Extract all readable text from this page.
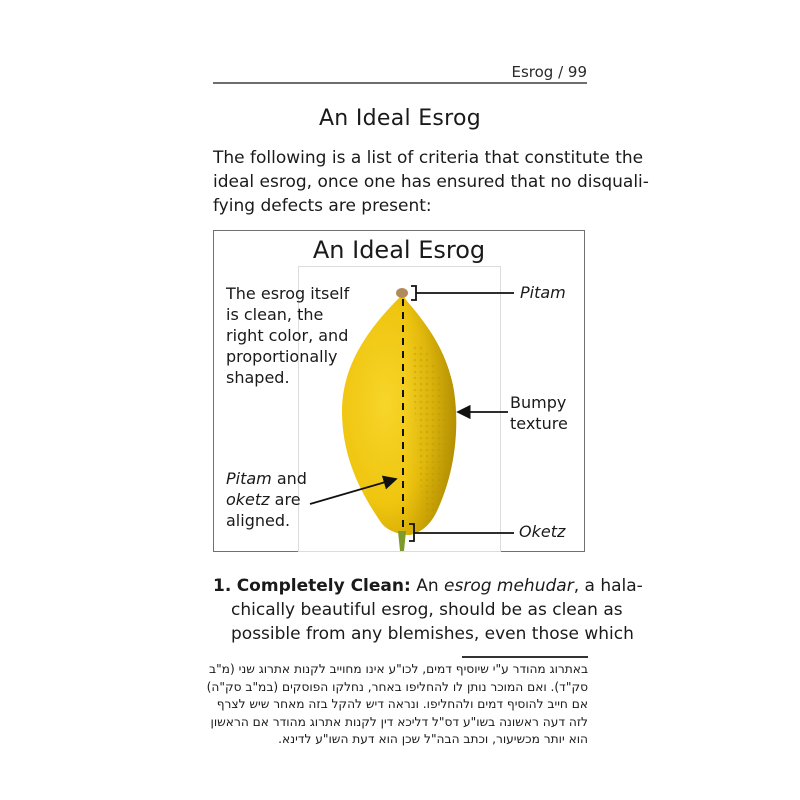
Esrog / 99
An Ideal Esrog
The following is a list of criteria that constitute the
ideal esrog, once one has ensured that no disquali-
fying defects are present:
An Ideal Esrog
The esrog itself
is clean, the
right color, and
proportionally
shaped.
Pitam and
oketz are
aligned.
Pitam
Bumpy
texture
Oketz
1. Completely Clean: An esrog mehudar, a hala-
chically beautiful esrog, should be as clean as
possible from any blemishes, even those which
באתרוג מהודר ע"י שיוסיף דמים, לכו"ע אינו מחוייב לקנות אתרוג שני (מ"ב
סק"ד). ואם המוכר נותן לו להחליפו באחר, נחלקו הפוסקים (במ"ב סק"ה)
אם חייב להוסיף דמים ולהחליפו. ונראה דיש להקל בזה מאחר שיש לצרף
לזה דעה ראשונה בשו"ע דס"ל דליכא דין לקנות אתרוג מהודר אם הראשון
הוא יותר מכשיעור, וכתב הבה"ל שכן הוא דעת השו"ע לדינא.
